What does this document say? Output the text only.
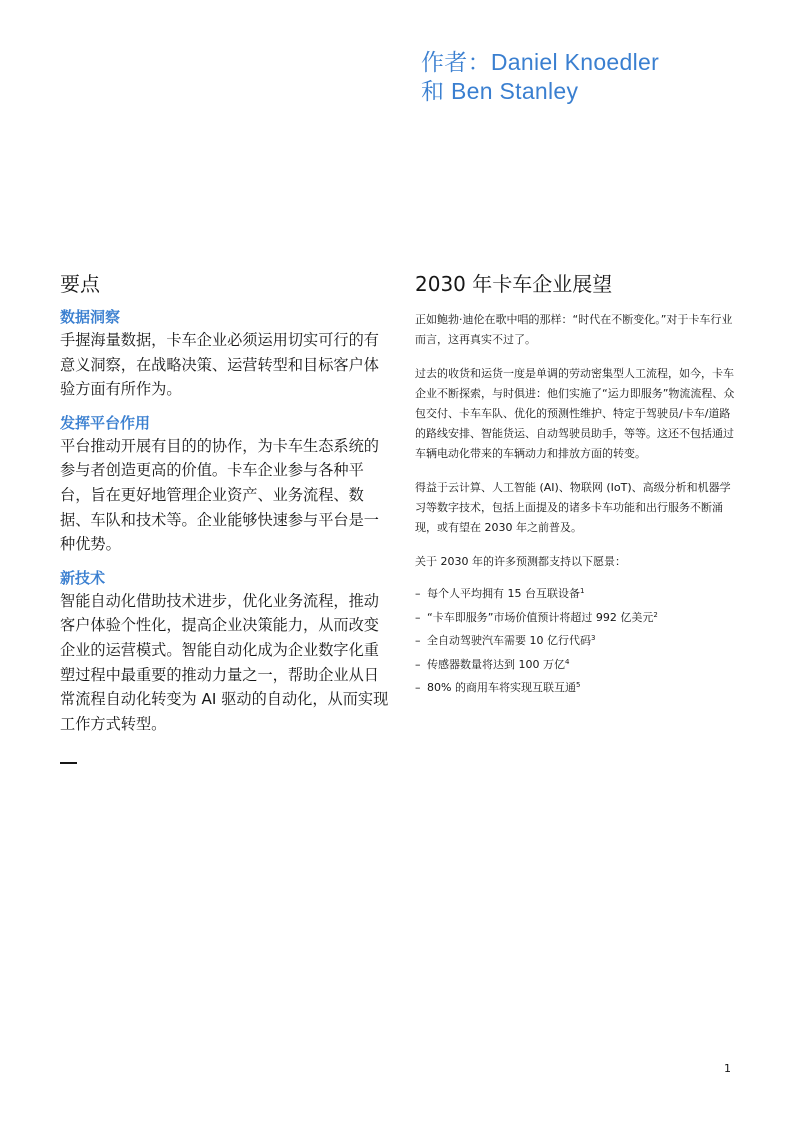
作者：Daniel Knoedler
和 Ben Stanley
要点

数据洞察

手握海量数据，卡车企业必须运用切实可行的有意义洞察，在战略决策、运营转型和目标客户体验方面有所作为。

发挥平台作用

平台推动开展有目的的协作，为卡车生态系统的参与者创造更高的价值。卡车企业参与各种平台，旨在更好地管理企业资产、业务流程、数据、车队和技术等。企业能够快速参与平台是一种优势。

新技术

智能自动化借助技术进步，优化业务流程，推动客户体验个性化，提高企业决策能力，从而改变企业的运营模式。智能自动化成为企业数字化重塑过程中最重要的推动力量之一，帮助企业从日常流程自动化转变为 AI 驱动的自动化，从而实现工作方式转型。

2030 年卡车企业展望

正如鲍勃·迪伦在歌中唱的那样：“时代在不断变化。”对于卡车行业而言，这再真实不过了。

过去的收货和运货一度是单调的劳动密集型人工流程，如今，卡车企业不断探索，与时俱进：他们实施了“运力即服务”物流流程、众包交付、卡车车队、优化的预测性维护、特定于驾驶员/卡车/道路的路线安排、智能货运、自动驾驶员助手，等等。这还不包括通过车辆电动化带来的车辆动力和排放方面的转变。

得益于云计算、人工智能 (AI)、物联网 (IoT)、高级分析和机器学习等数字技术，包括上面提及的诸多卡车功能和出行服务不断涌现，或有望在 2030 年之前普及。

关于 2030 年的许多预测都支持以下愿景：

– 每个人平均拥有 15 台互联设备$^1$
– “卡车即服务”市场价值预计将超过 992 亿美元$^2$
– 全自动驾驶汽车需要 10 亿行代码$^3$
– 传感器数量将达到 100 万亿$^4$
– 80% 的商用车将实现互联互通$^5$
1
